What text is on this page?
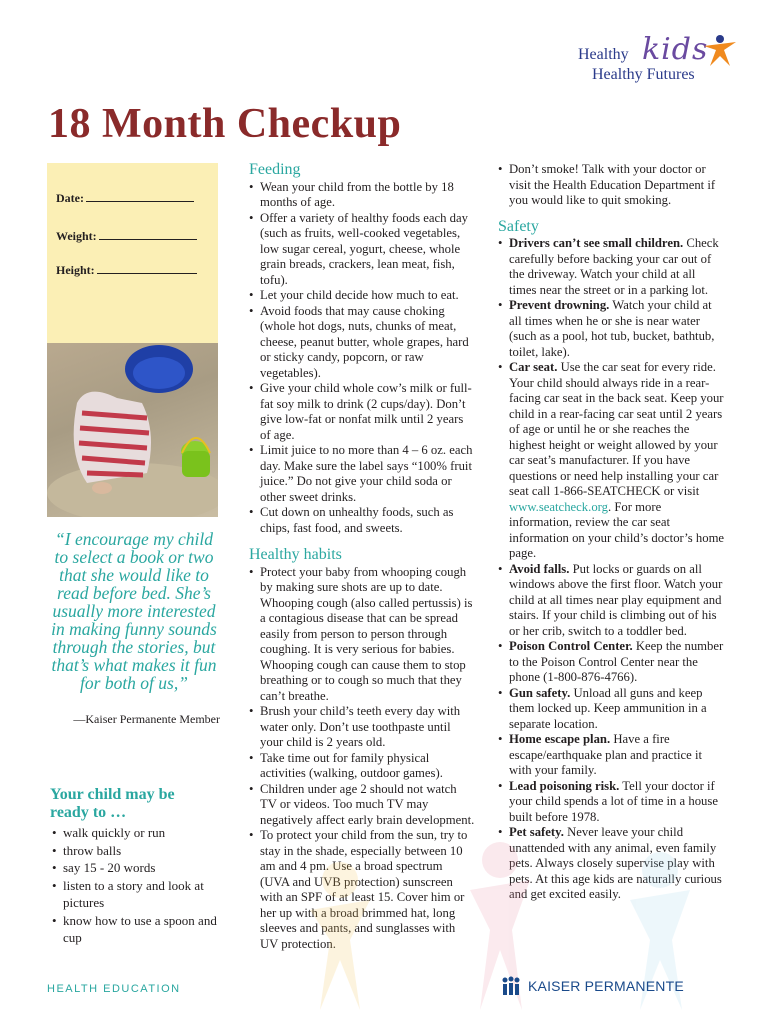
Healthy kids
Healthy Futures
18 Month Checkup
Date:
Weight:
Height:
“I encourage my child to select a book or two that she would like to read before bed. She’s usually more interested in making funny sounds through the stories, but that’s what makes it fun for both of us,”
—Kaiser Permanente Member
Your child may be ready to …
• walk quickly or run
• throw balls
• say 15 - 20 words
• listen to a story and look at pictures
• know how to use a spoon and cup
Feeding
• Wean your child from the bottle by 18 months of age.
• Offer a variety of healthy foods each day (such as fruits, well-cooked vegetables, low sugar cereal, yogurt, cheese, whole grain breads, crackers, lean meat, fish, tofu).
• Let your child decide how much to eat.
• Avoid foods that may cause choking (whole hot dogs, nuts, chunks of meat, cheese, peanut butter, whole grapes, hard or sticky candy, popcorn, or raw vegetables).
• Give your child whole cow’s milk or full-fat soy milk to drink (2 cups/day). Don’t give low-fat or nonfat milk until 2 years of age.
• Limit juice to no more than 4 – 6 oz. each day. Make sure the label says “100% fruit juice.” Do not give your child soda or other sweet drinks.
• Cut down on unhealthy foods, such as chips, fast food, and sweets.
Healthy habits
• Protect your baby from whooping cough by making sure shots are up to date. Whooping cough (also called pertussis) is a contagious disease that can be spread easily from person to person through coughing. It is very serious for babies. Whooping cough can cause them to stop breathing or to cough so much that they can’t breathe.
• Brush your child’s teeth every day with water only. Don’t use toothpaste until your child is 2 years old.
• Take time out for family physical activities (walking, outdoor games).
• Children under age 2 should not watch TV or videos. Too much TV may negatively affect early brain development.
• To protect your child from the sun, try to stay in the shade, especially between 10 am and 4 pm. Use a broad spectrum (UVA and UVB protection) sunscreen with an SPF of at least 15. Cover him or her up with a broad brimmed hat, long sleeves and pants, and sunglasses with UV protection.
• Don’t smoke! Talk with your doctor or visit the Health Education Department if you would like to quit smoking.
Safety
• Drivers can’t see small children. Check carefully before backing your car out of the driveway. Watch your child at all times near the street or in a parking lot.
• Prevent drowning. Watch your child at all times when he or she is near water (such as a pool, hot tub, bucket, bathtub, toilet, lake).
• Car seat. Use the car seat for every ride. Your child should always ride in a rear-facing car seat in the back seat. Keep your child in a rear-facing car seat until 2 years of age or until he or she reaches the highest height or weight allowed by your car seat’s manufacturer. If you have questions or need help installing your car seat call 1-866-SEATCHECK or visit www.seatcheck.org. For more information, review the car seat information on your child’s doctor’s home page.
• Avoid falls. Put locks or guards on all windows above the first floor. Watch your child at all times near play equipment and stairs. If your child is climbing out of his or her crib, switch to a toddler bed.
• Poison Control Center. Keep the number to the Poison Control Center near the phone (1-800-876-4766).
• Gun safety. Unload all guns and keep them locked up. Keep ammunition in a separate location.
• Home escape plan. Have a fire escape/earthquake plan and practice it with your family.
• Lead poisoning risk. Tell your doctor if your child spends a lot of time in a house built before 1978.
• Pet safety. Never leave your child unattended with any animal, even family pets. Always closely supervise play with pets. At this age kids are naturally curious and get excited easily.
HEALTH EDUCATION	KAISER PERMANENTE
